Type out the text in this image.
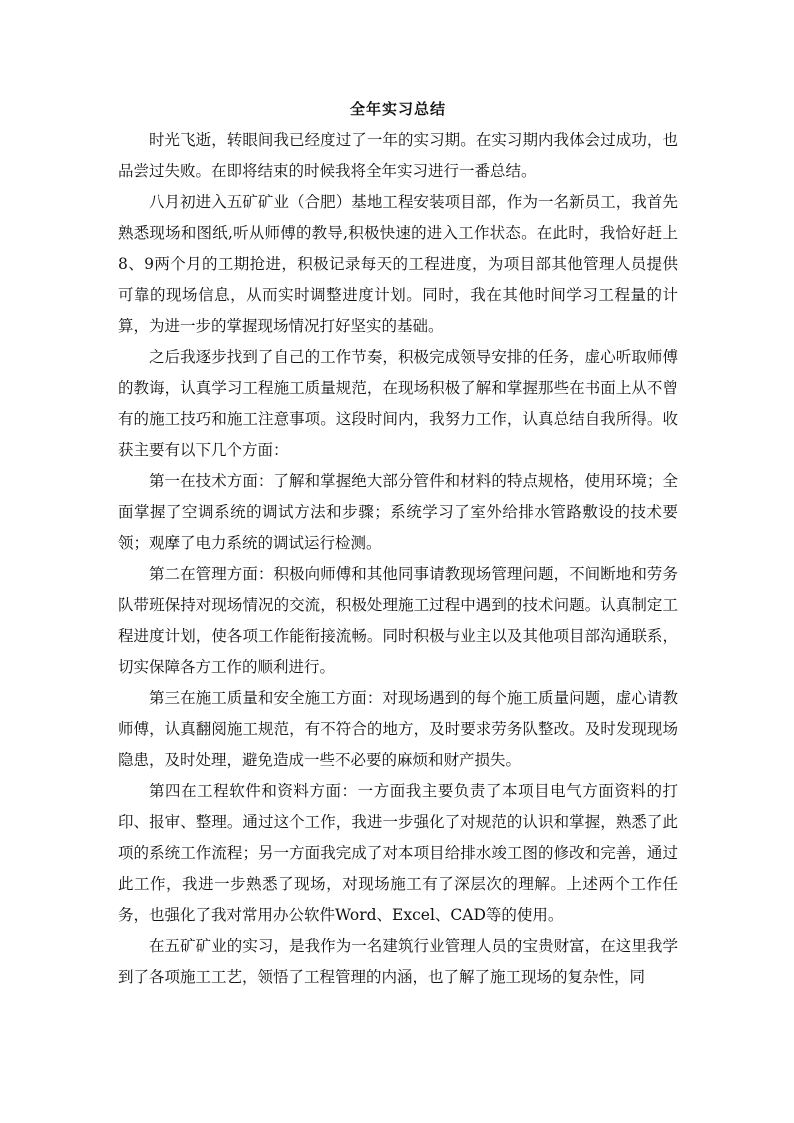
全年实习总结

时光飞逝，转眼间我已经度过了一年的实习期。在实习期内我体会过成功，也品尝过失败。在即将结束的时候我将全年实习进行一番总结。

八月初进入五矿矿业（合肥）基地工程安装项目部，作为一名新员工，我首先熟悉现场和图纸,听从师傅的教导,积极快速的进入工作状态。在此时，我恰好赶上8、9两个月的工期抢进，积极记录每天的工程进度，为项目部其他管理人员提供可靠的现场信息，从而实时调整进度计划。同时，我在其他时间学习工程量的计算，为进一步的掌握现场情况打好坚实的基础。

之后我逐步找到了自己的工作节奏，积极完成领导安排的任务，虚心听取师傅的教诲，认真学习工程施工质量规范，在现场积极了解和掌握那些在书面上从不曾有的施工技巧和施工注意事项。这段时间内，我努力工作，认真总结自我所得。收获主要有以下几个方面：

第一在技术方面：了解和掌握绝大部分管件和材料的特点规格，使用环境；全面掌握了空调系统的调试方法和步骤；系统学习了室外给排水管路敷设的技术要领；观摩了电力系统的调试运行检测。

第二在管理方面：积极向师傅和其他同事请教现场管理问题，不间断地和劳务队带班保持对现场情况的交流，积极处理施工过程中遇到的技术问题。认真制定工程进度计划，使各项工作能衔接流畅。同时积极与业主以及其他项目部沟通联系，切实保障各方工作的顺利进行。

第三在施工质量和安全施工方面：对现场遇到的每个施工质量问题，虚心请教师傅，认真翻阅施工规范，有不符合的地方，及时要求劳务队整改。及时发现现场隐患，及时处理，避免造成一些不必要的麻烦和财产损失。

第四在工程软件和资料方面：一方面我主要负责了本项目电气方面资料的打印、报审、整理。通过这个工作，我进一步强化了对规范的认识和掌握，熟悉了此项的系统工作流程；另一方面我完成了对本项目给排水竣工图的修改和完善，通过此工作，我进一步熟悉了现场，对现场施工有了深层次的理解。上述两个工作任务，也强化了我对常用办公软件Word、Excel、CAD等的使用。

在五矿矿业的实习，是我作为一名建筑行业管理人员的宝贵财富，在这里我学到了各项施工工艺，领悟了工程管理的内涵，也了解了施工现场的复杂性，同
